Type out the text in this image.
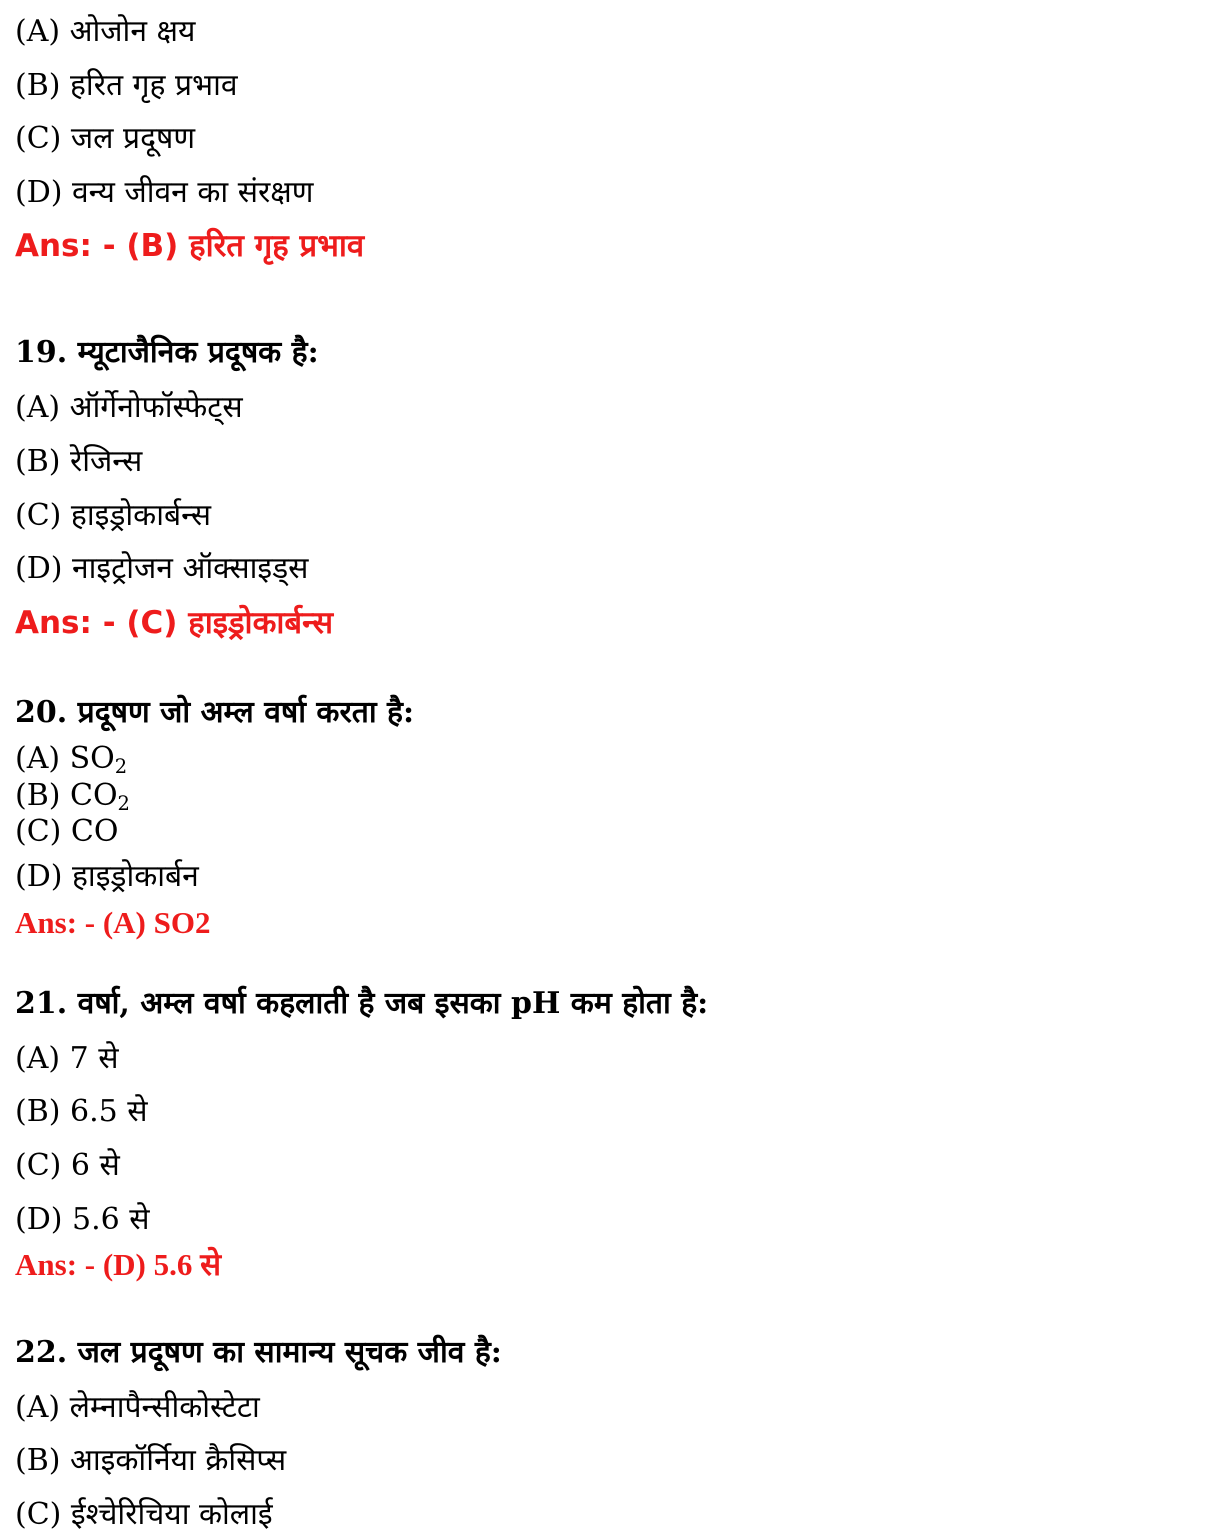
(A) ओजोन क्षय
(B) हरित गृह प्रभाव
(C) जल प्रदूषण
(D) वन्य जीवन का संरक्षण
Ans: - (B) हरित गृह प्रभाव
19. म्यूटाजैनिक प्रदूषक है:
(A) ऑर्गेनोफॉस्फेट्स
(B) रेजिन्स
(C) हाइड्रोकार्बन्स
(D) नाइट्रोजन ऑक्साइड्स
Ans: - (C) हाइड्रोकार्बन्स
20. प्रदूषण जो अम्ल वर्षा करता है:
(A) $SO_2$
(B) $CO_2$
(C) CO
(D) हाइड्रोकार्बन
Ans: - (A) SO2
21. वर्षा, अम्ल वर्षा कहलाती है जब इसका pH कम होता है:
(A) 7 से
(B) 6.5 से
(C) 6 से
(D) 5.6 से
Ans: - (D) 5.6 से
22. जल प्रदूषण का सामान्य सूचक जीव है:
(A) लेम्नापैन्सीकोस्टेटा
(B) आइकॉर्निया क्रैसिप्स
(C) ईश्चेरिचिया कोलाई
